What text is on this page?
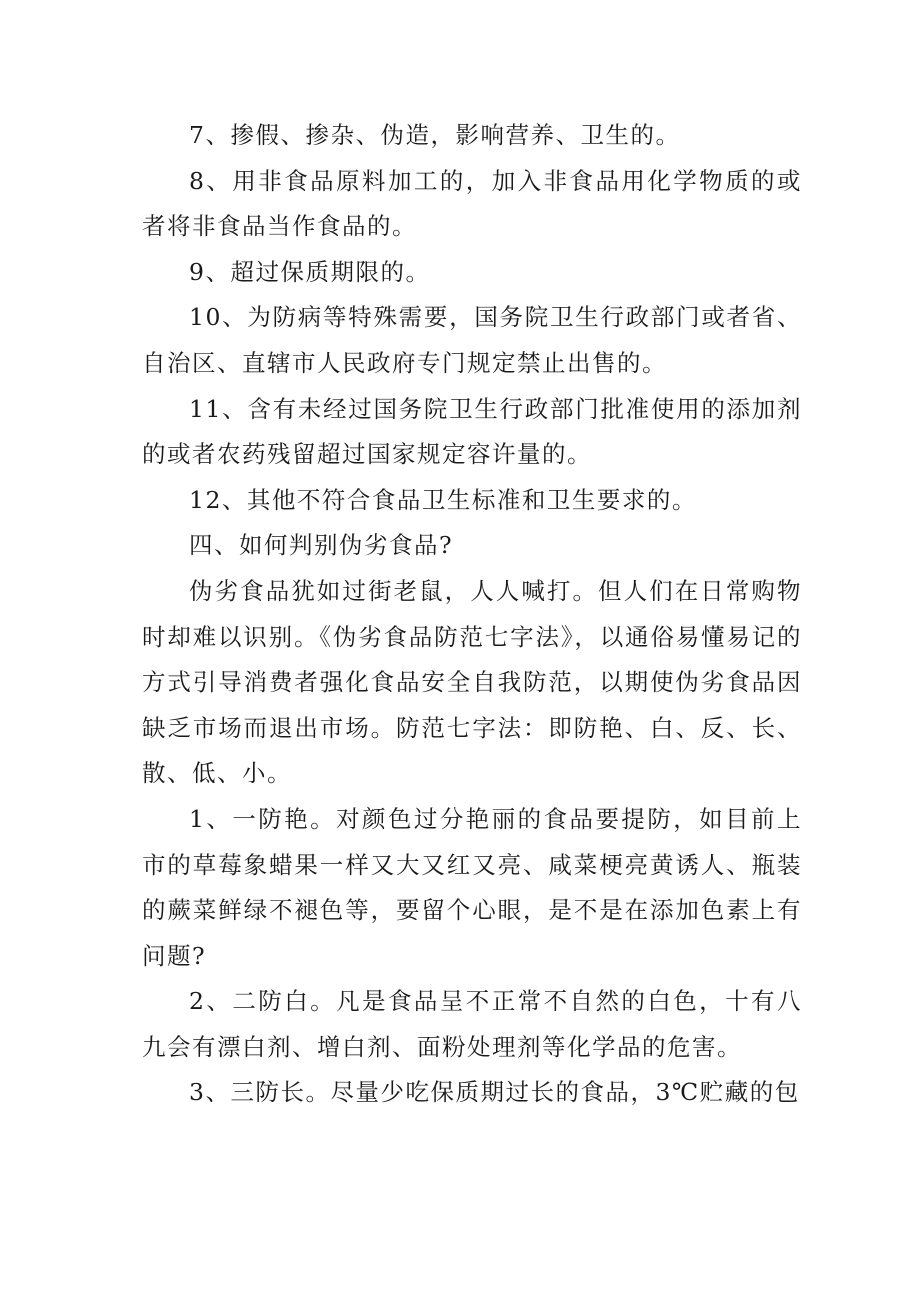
7、掺假、掺杂、伪造，影响营养、卫生的。

8、用非食品原料加工的，加入非食品用化学物质的或者将非食品当作食品的。

9、超过保质期限的。

10、为防病等特殊需要，国务院卫生行政部门或者省、自治区、直辖市人民政府专门规定禁止出售的。

11、含有未经过国务院卫生行政部门批准使用的添加剂的或者农药残留超过国家规定容许量的。

12、其他不符合食品卫生标准和卫生要求的。

四、如何判别伪劣食品?

伪劣食品犹如过街老鼠，人人喊打。但人们在日常购物时却难以识别。《伪劣食品防范七字法》，以通俗易懂易记的方式引导消费者强化食品安全自我防范，以期使伪劣食品因缺乏市场而退出市场。防范七字法：即防艳、白、反、长、散、低、小。

1、一防艳。对颜色过分艳丽的食品要提防，如目前上市的草莓象蜡果一样又大又红又亮、咸菜梗亮黄诱人、瓶装的蕨菜鲜绿不褪色等，要留个心眼，是不是在添加色素上有问题?

2、二防白。凡是食品呈不正常不自然的白色，十有八九会有漂白剂、增白剂、面粉处理剂等化学品的危害。

3、三防长。尽量少吃保质期过长的食品，3℃贮藏的包
